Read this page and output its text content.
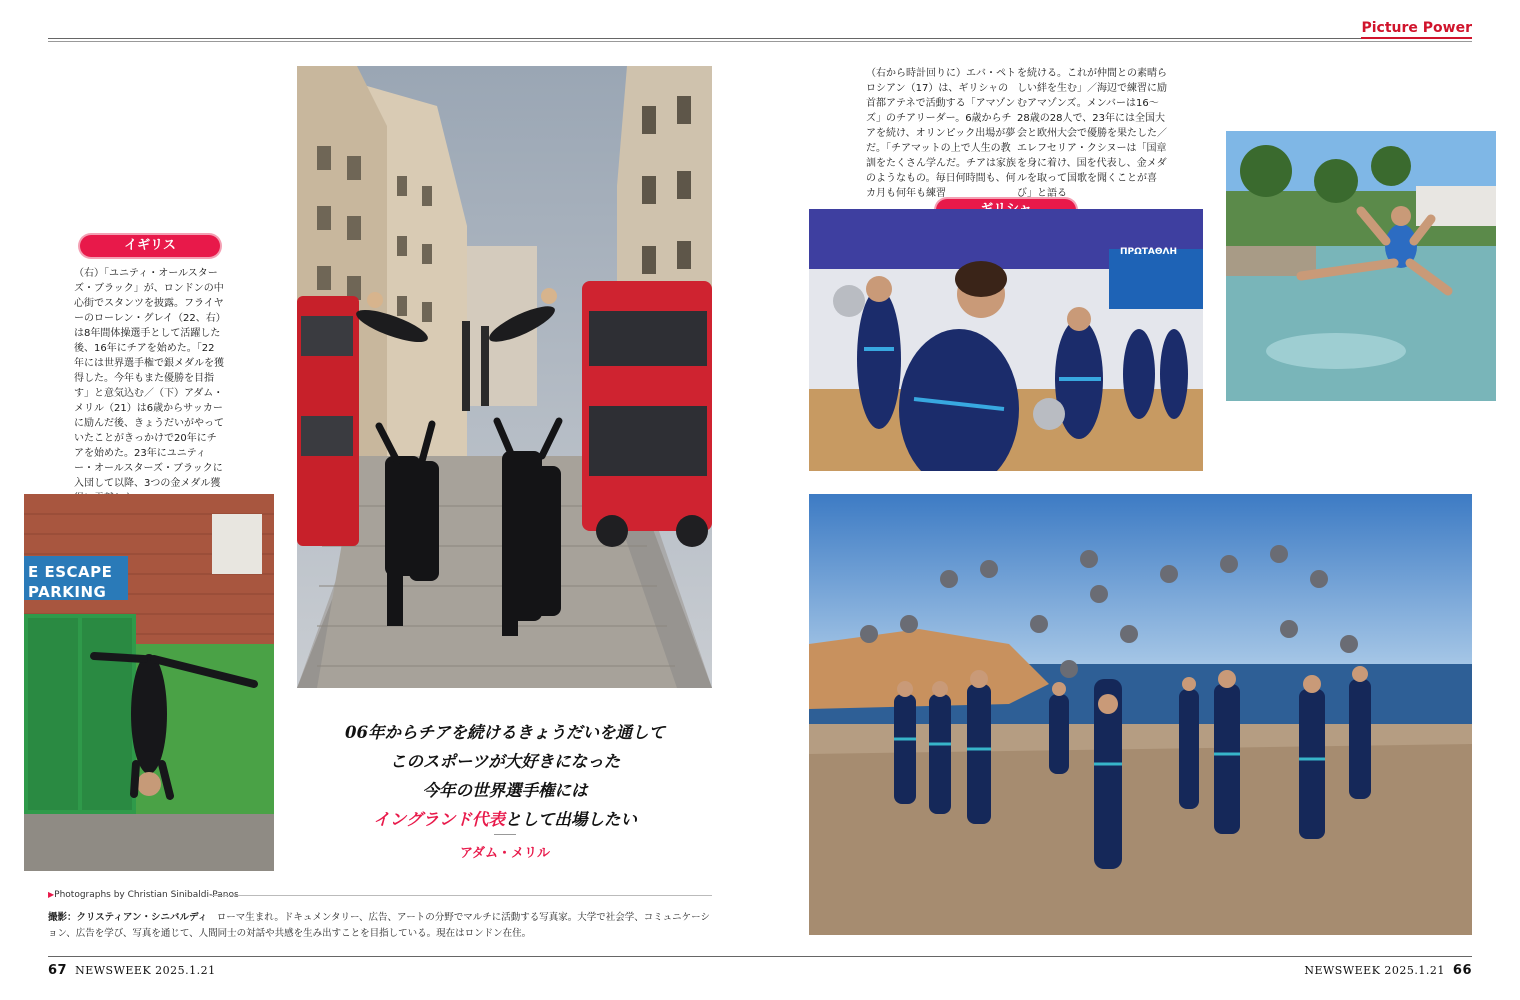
Picture Power
イギリス

（右）「ユニティ・オールスターズ・ブラック」が、ロンドンの中心街でスタンツを披露。フライヤーのローレン・グレイ（22、右）は8年間体操選手として活躍した後、16年にチアを始めた。「22年には世界選手権で銀メダルを獲得した。今年もまた優勝を目指す」と意気込む／（下）アダム・メリル（21）は6歳からサッカーに励んだ後、きょうだいがやっていたことがきっかけで20年にチアを始めた。23年にユニティー・オールスターズ・ブラックに入団して以降、3つの金メダル獲

E ESCAPE
PARKING
06年からチアを続けるきょうだいを通して
このスポーツが大好きになった
今年の世界選手権には
イングランド代表として出場したい
アダム・メリル
▶Photographs by Christian Sinibaldi-Panos
撮影：クリスティアン・シニバルディ　 ローマ生まれ。ドキュメンタリー、広告、アートの分野でマルチに活動する写真家。大学で社会学、コミュニケーション、広告を学び、写真を通じて、人間同士の対話や共感を生み出すことを目指している。現在はロンドン在住。

（右から時計回りに）エバ・ペトロシアン（17）は、ギリシャの首都アテネで活動する「アマゾンズ」のチアリーダー。6歳からチアを続け、オリンピック出場が夢だ。「チアマットの上で人生の教訓をたくさん学んだ。チアは家族のようなもの。毎日何時間も、何カ月も何年も練習

を続ける。これが仲間との素晴らしい絆を生む」／海辺で練習に励むアマゾンズ。メンバーは16～28歳の28人で、23年には全国大会と欧州大会で優勝を果たした／エレフセリア・クシヌーは「国章を身に着け、国を代表し、金メダルを取って国歌を聞くことが喜び」と語る

ΠΡΩΤΑΘΛΗ
67 NEWSWEEK 2025.1.21	NEWSWEEK 2025.1.21 66
